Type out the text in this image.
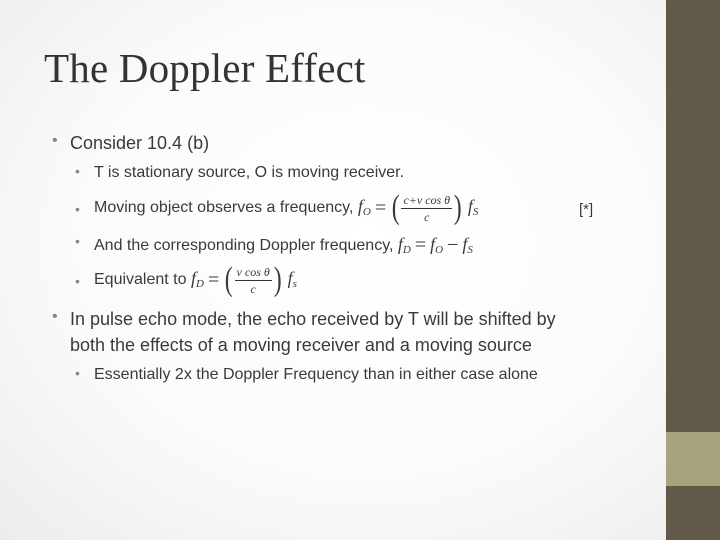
The Doppler Effect
• Consider 10.4 (b)
• T is stationary source, O is moving receiver.
• Moving object observes a frequency, $f_O$ = ( $\frac{\text{c+v cos θ}}{c}$ ) $f_S$	[*]
• And the corresponding Doppler frequency, $f_D = f_O - f_S$
• Equivalent to $f_D$ = ( $\frac{\text{v cos θ}}{c}$ ) $f_s$
• In pulse echo mode, the echo received by T will be shifted by
both the effects of a moving receiver and a moving source
• Essentially 2x the Doppler Frequency than in either case alone
